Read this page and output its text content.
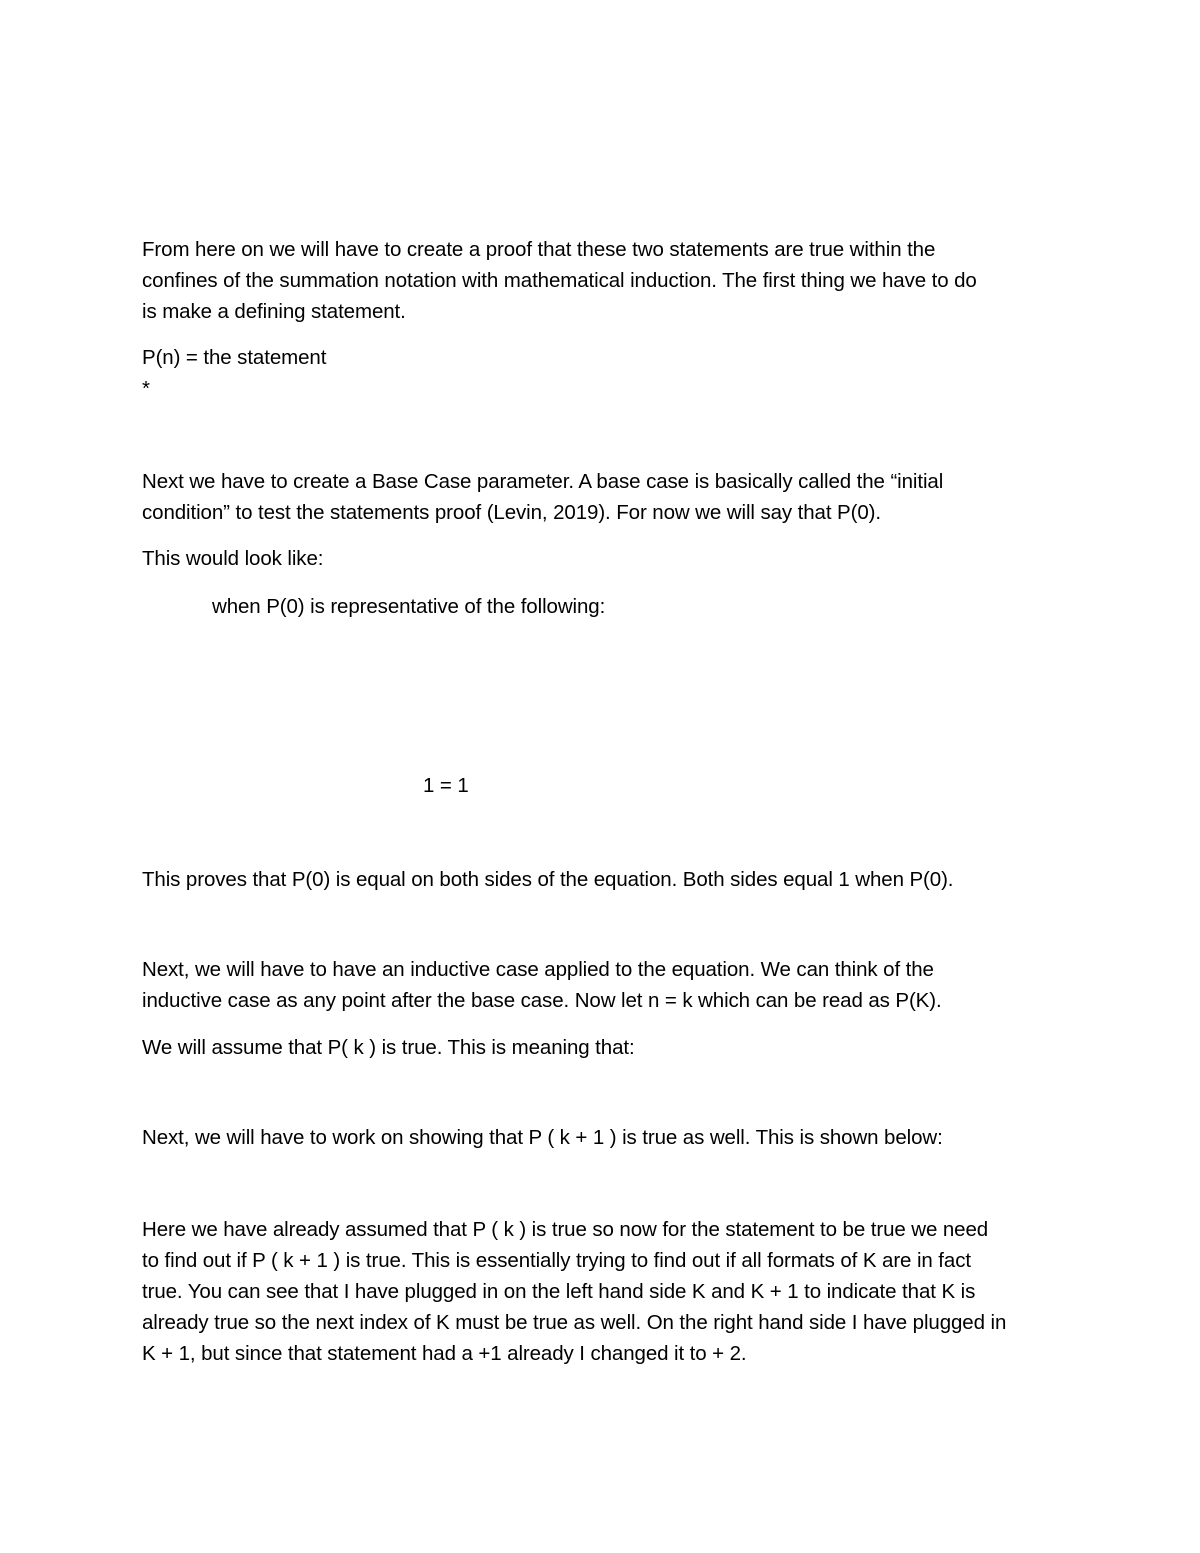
From here on we will have to create a proof that these two statements are true within the
confines of the summation notation with mathematical induction. The first thing we have to do
is make a defining statement.
P(n) = the statement
*
Next we have to create a Base Case parameter. A base case is basically called the “initial
condition” to test the statements proof (Levin, 2019). For now we will say that P(0).
This would look like:
when P(0) is representative of the following:
1 = 1
This proves that P(0) is equal on both sides of the equation. Both sides equal 1 when P(0).
Next, we will have to have an inductive case applied to the equation. We can think of the
inductive case as any point after the base case. Now let n = k which can be read as P(K).
We will assume that P( k ) is true. This is meaning that:
Next, we will have to work on showing that P ( k + 1 ) is true as well. This is shown below:
Here we have already assumed that P ( k ) is true so now for the statement to be true we need
to find out if P ( k + 1 ) is true. This is essentially trying to find out if all formats of K are in fact
true. You can see that I have plugged in on the left hand side K and K + 1 to indicate that K is
already true so the next index of K must be true as well. On the right hand side I have plugged in
K + 1, but since that statement had a +1 already I changed it to + 2.
